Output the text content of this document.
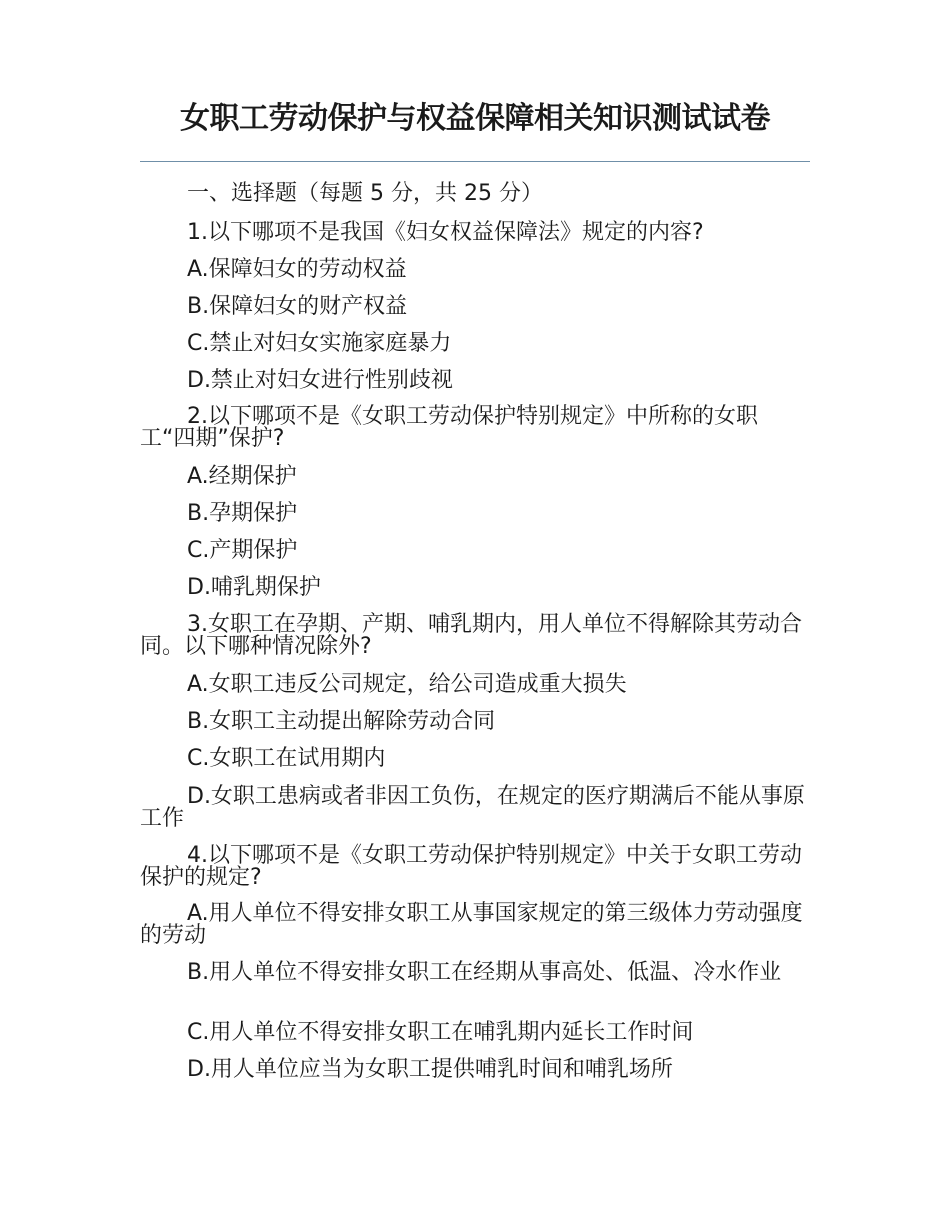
女职工劳动保护与权益保障相关知识测试试卷
一、选择题（每题 5 分，共 25 分）
1.以下哪项不是我国《妇女权益保障法》规定的内容?
A.保障妇女的劳动权益
B.保障妇女的财产权益
C.禁止对妇女实施家庭暴力
D.禁止对妇女进行性别歧视
2.以下哪项不是《女职工劳动保护特别规定》中所称的女职工“四期”保护?
A.经期保护
B.孕期保护
C.产期保护
D.哺乳期保护
3.女职工在孕期、产期、哺乳期内，用人单位不得解除其劳动合同。以下哪种情况除外?
A.女职工违反公司规定，给公司造成重大损失
B.女职工主动提出解除劳动合同
C.女职工在试用期内
D.女职工患病或者非因工负伤，在规定的医疗期满后不能从事原工作
4.以下哪项不是《女职工劳动保护特别规定》中关于女职工劳动保护的规定?
A.用人单位不得安排女职工从事国家规定的第三级体力劳动强度的劳动
B.用人单位不得安排女职工在经期从事高处、低温、冷水作业
C.用人单位不得安排女职工在哺乳期内延长工作时间
D.用人单位应当为女职工提供哺乳时间和哺乳场所
